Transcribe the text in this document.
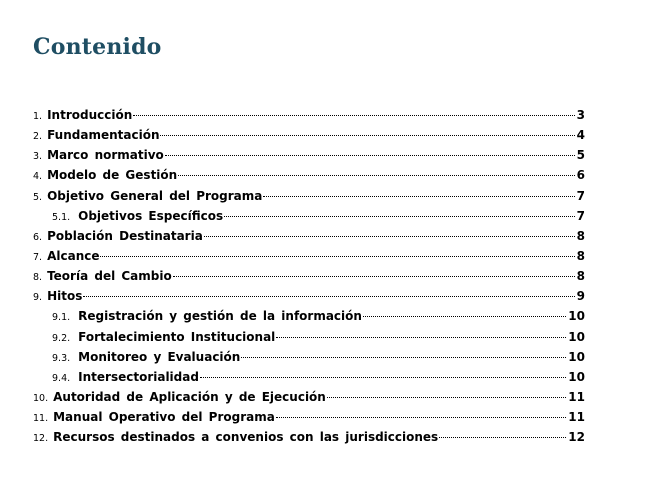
Contenido
1. Introducción	3
2. Fundamentación	4
3. Marco normativo	5
4. Modelo de Gestión	6
5. Objetivo General del Programa	7
5.1. Objetivos Específicos	7
6. Población Destinataria	8
7. Alcance	8
8. Teoría del Cambio	8
9. Hitos	9
9.1. Registración y gestión de la información	10
9.2. Fortalecimiento Institucional	10
9.3. Monitoreo y Evaluación	10
9.4. Intersectorialidad	10
10. Autoridad de Aplicación y de Ejecución	11
11. Manual Operativo del Programa	11
12. Recursos destinados a convenios con las jurisdicciones	12
